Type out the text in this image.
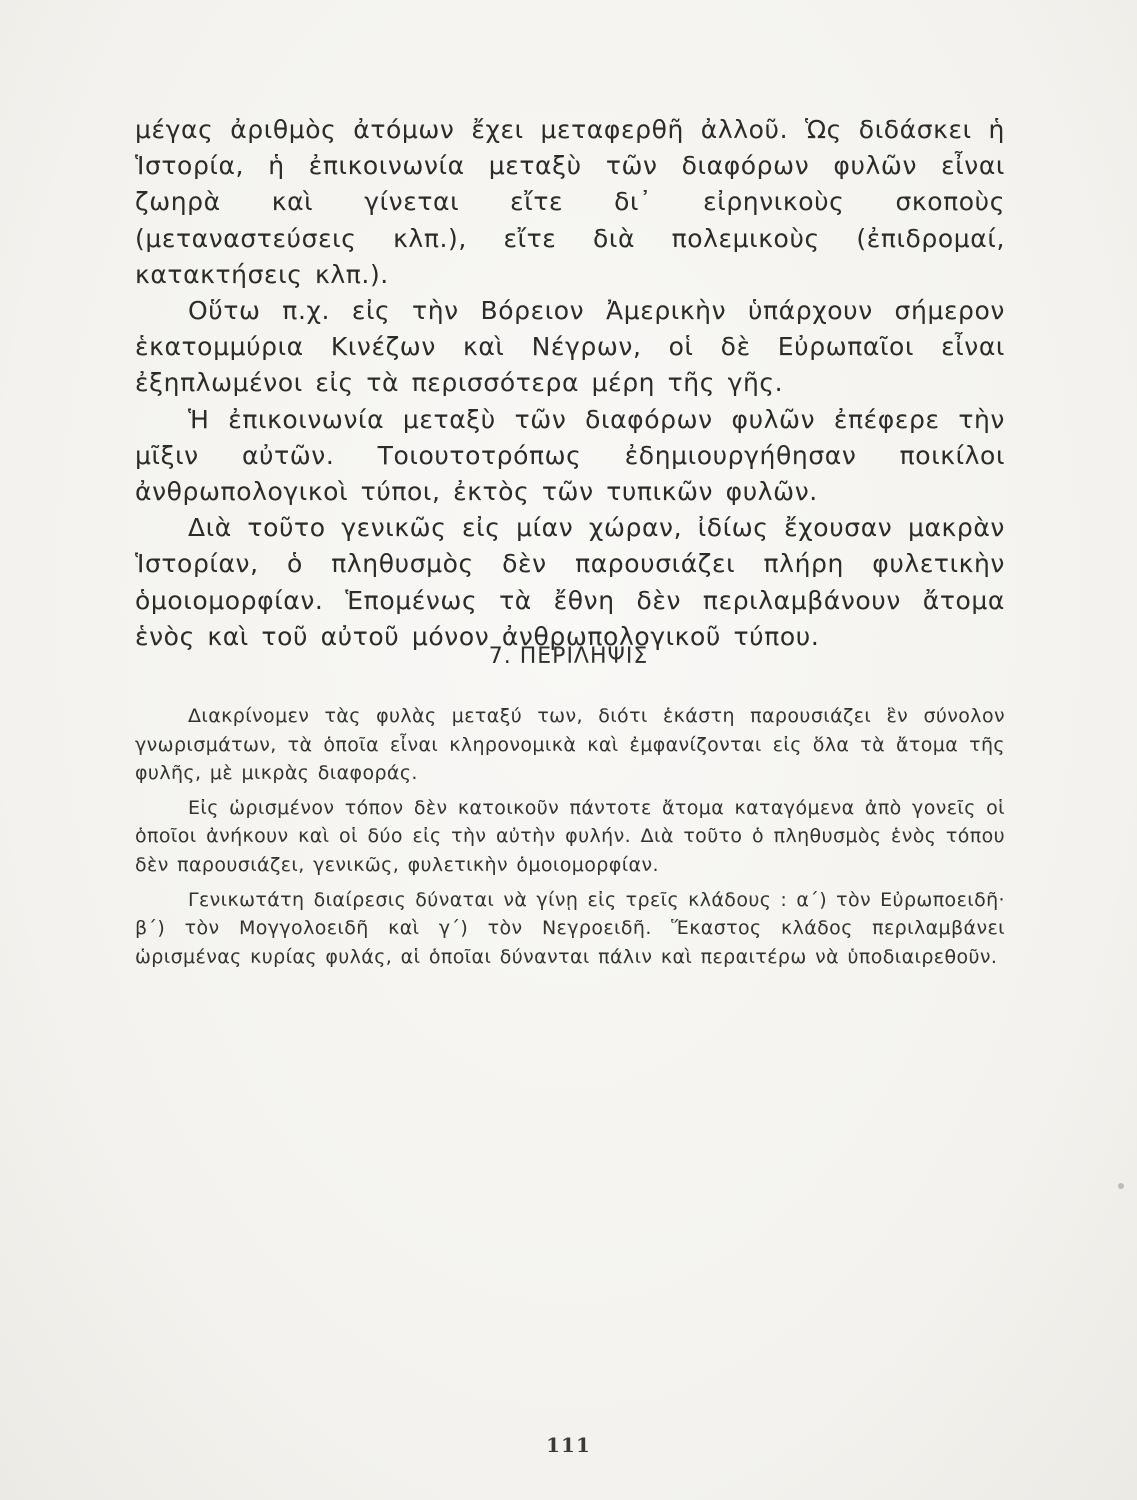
μέγας ἀριθμὸς ἀτόμων ἔχει μεταφερθῆ ἀλλοῦ. Ὡς διδάσκει ἡ Ἱστορία, ἡ ἐπικοινωνία μεταξὺ τῶν διαφόρων φυλῶν εἶναι ζωηρὰ καὶ γίνεται εἴτε δι᾽ εἰρηνικοὺς σκοποὺς (μεταναστεύσεις κλπ.), εἴτε διὰ πολεμικοὺς (ἐπιδρομαί, κατακτήσεις κλπ.).

Οὕτω π.χ. εἰς τὴν Βόρειον Ἀμερικὴν ὑπάρχουν σήμερον ἑκατομμύρια Κινέζων καὶ Νέγρων, οἱ δὲ Εὐρωπαῖοι εἶναι ἐξηπλωμένοι εἰς τὰ περισσότερα μέρη τῆς γῆς.

Ἡ ἐπικοινωνία μεταξὺ τῶν διαφόρων φυλῶν ἐπέφερε τὴν μῖξιν αὐτῶν. Τοιουτοτρόπως ἐδημιουργήθησαν ποικίλοι ἀνθρωπολογικοὶ τύποι, ἐκτὸς τῶν τυπικῶν φυλῶν.

Διὰ τοῦτο γενικῶς εἰς μίαν χώραν, ἰδίως ἔχουσαν μακρὰν Ἱστορίαν, ὁ πληθυσμὸς δὲν παρουσιάζει πλήρη φυλετικὴν ὁμοιομορφίαν. Ἑπομένως τὰ ἔθνη δὲν περιλαμβάνουν ἄτομα ἑνὸς καὶ τοῦ αὐτοῦ μόνον ἀνθρωπολογικοῦ τύπου.

7. ΠΕΡΙΛΗΨΙΣ

Διακρίνομεν τὰς φυλὰς μεταξύ των, διότι ἑκάστη παρουσιάζει ἓν σύνολον γνωρισμάτων, τὰ ὁποῖα εἶναι κληρονομικὰ καὶ ἐμφανίζονται εἰς ὅλα τὰ ἄτομα τῆς φυλῆς, μὲ μικρὰς διαφοράς.

Εἰς ὡρισμένον τόπον δὲν κατοικοῦν πάντοτε ἄτομα καταγόμενα ἀπὸ γονεῖς οἱ ὁποῖοι ἀνήκουν καὶ οἱ δύο εἰς τὴν αὐτὴν φυλήν. Διὰ τοῦτο ὁ πληθυσμὸς ἑνὸς τόπου δὲν παρουσιάζει, γενικῶς, φυλετικὴν ὁμοιομορφίαν.

Γενικωτάτη διαίρεσις δύναται νὰ γίνῃ εἰς τρεῖς κλάδους : α΄) τὸν Εὐρωποειδῆ· β΄) τὸν Μογγολοειδῆ καὶ γ΄) τὸν Νεγροειδῆ. Ἕκαστος κλάδος περιλαμβάνει ὡρισμένας κυρίας φυλάς, αἱ ὁποῖαι δύνανται πάλιν καὶ περαιτέρω νὰ ὑποδιαιρεθοῦν.

111
